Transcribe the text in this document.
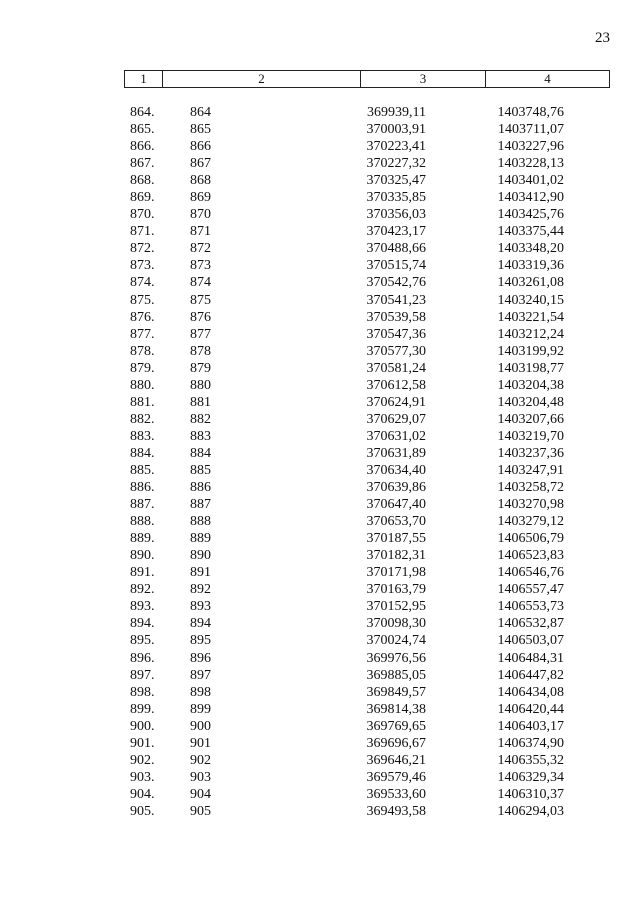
23
1	2	3	4
864.	864	369939,11	1403748,76
865.	865	370003,91	1403711,07
866.	866	370223,41	1403227,96
867.	867	370227,32	1403228,13
868.	868	370325,47	1403401,02
869.	869	370335,85	1403412,90
870.	870	370356,03	1403425,76
871.	871	370423,17	1403375,44
872.	872	370488,66	1403348,20
873.	873	370515,74	1403319,36
874.	874	370542,76	1403261,08
875.	875	370541,23	1403240,15
876.	876	370539,58	1403221,54
877.	877	370547,36	1403212,24
878.	878	370577,30	1403199,92
879.	879	370581,24	1403198,77
880.	880	370612,58	1403204,38
881.	881	370624,91	1403204,48
882.	882	370629,07	1403207,66
883.	883	370631,02	1403219,70
884.	884	370631,89	1403237,36
885.	885	370634,40	1403247,91
886.	886	370639,86	1403258,72
887.	887	370647,40	1403270,98
888.	888	370653,70	1403279,12
889.	889	370187,55	1406506,79
890.	890	370182,31	1406523,83
891.	891	370171,98	1406546,76
892.	892	370163,79	1406557,47
893.	893	370152,95	1406553,73
894.	894	370098,30	1406532,87
895.	895	370024,74	1406503,07
896.	896	369976,56	1406484,31
897.	897	369885,05	1406447,82
898.	898	369849,57	1406434,08
899.	899	369814,38	1406420,44
900.	900	369769,65	1406403,17
901.	901	369696,67	1406374,90
902.	902	369646,21	1406355,32
903.	903	369579,46	1406329,34
904.	904	369533,60	1406310,37
905.	905	369493,58	1406294,03
